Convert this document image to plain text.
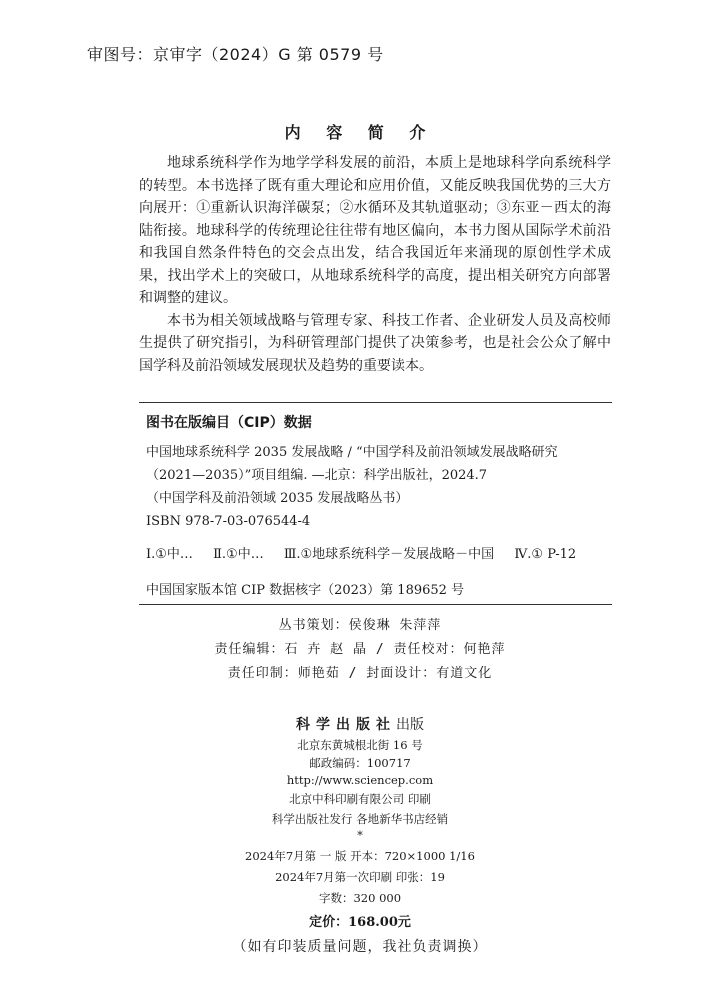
审图号：京审字（2024）G 第 0579 号
内 容 简 介

地球系统科学作为地学学科发展的前沿，本质上是地球科学向系统科学的转型。本书选择了既有重大理论和应用价值，又能反映我国优势的三大方向展开：①重新认识海洋碳泵；②水循环及其轨道驱动；③东亚－西太的海陆衔接。地球科学的传统理论往往带有地区偏向，本书力图从国际学术前沿和我国自然条件特色的交会点出发，结合我国近年来涌现的原创性学术成果，找出学术上的突破口，从地球系统科学的高度，提出相关研究方向部署和调整的建议。

本书为相关领域战略与管理专家、科技工作者、企业研发人员及高校师生提供了研究指引，为科研管理部门提供了决策参考，也是社会公众了解中国学科及前沿领域发展现状及趋势的重要读本。

图书在版编目（CIP）数据
中国地球系统科学 2035 发展战略 / “中国学科及前沿领域发展战略研究
（2021—2035）”项目组编. —北京：科学出版社，2024.7
（中国学科及前沿领域 2035 发展战略丛书）
ISBN 978-7-03-076544-4
Ⅰ.①中… Ⅱ.①中… Ⅲ.①地球系统科学－发展战略－中国 Ⅳ.① P-12
中国国家版本馆 CIP 数据核字（2023）第 189652 号
丛书策划：侯俊琳 朱萍萍
责任编辑：石 卉 赵 晶 / 责任校对：何艳萍
责任印制：师艳茹 / 封面设计：有道文化
科学出版社出版
北京东黄城根北街 16 号
邮政编码：100717
http://www.sciencep.com
北京中科印刷有限公司 印刷
科学出版社发行 各地新华书店经销
*
2024年7月第 一 版 开本：720×1000 1/16
2024年7月第一次印刷 印张：19
字数：320 000
定价：168.00元
（如有印装质量问题，我社负责调换）
